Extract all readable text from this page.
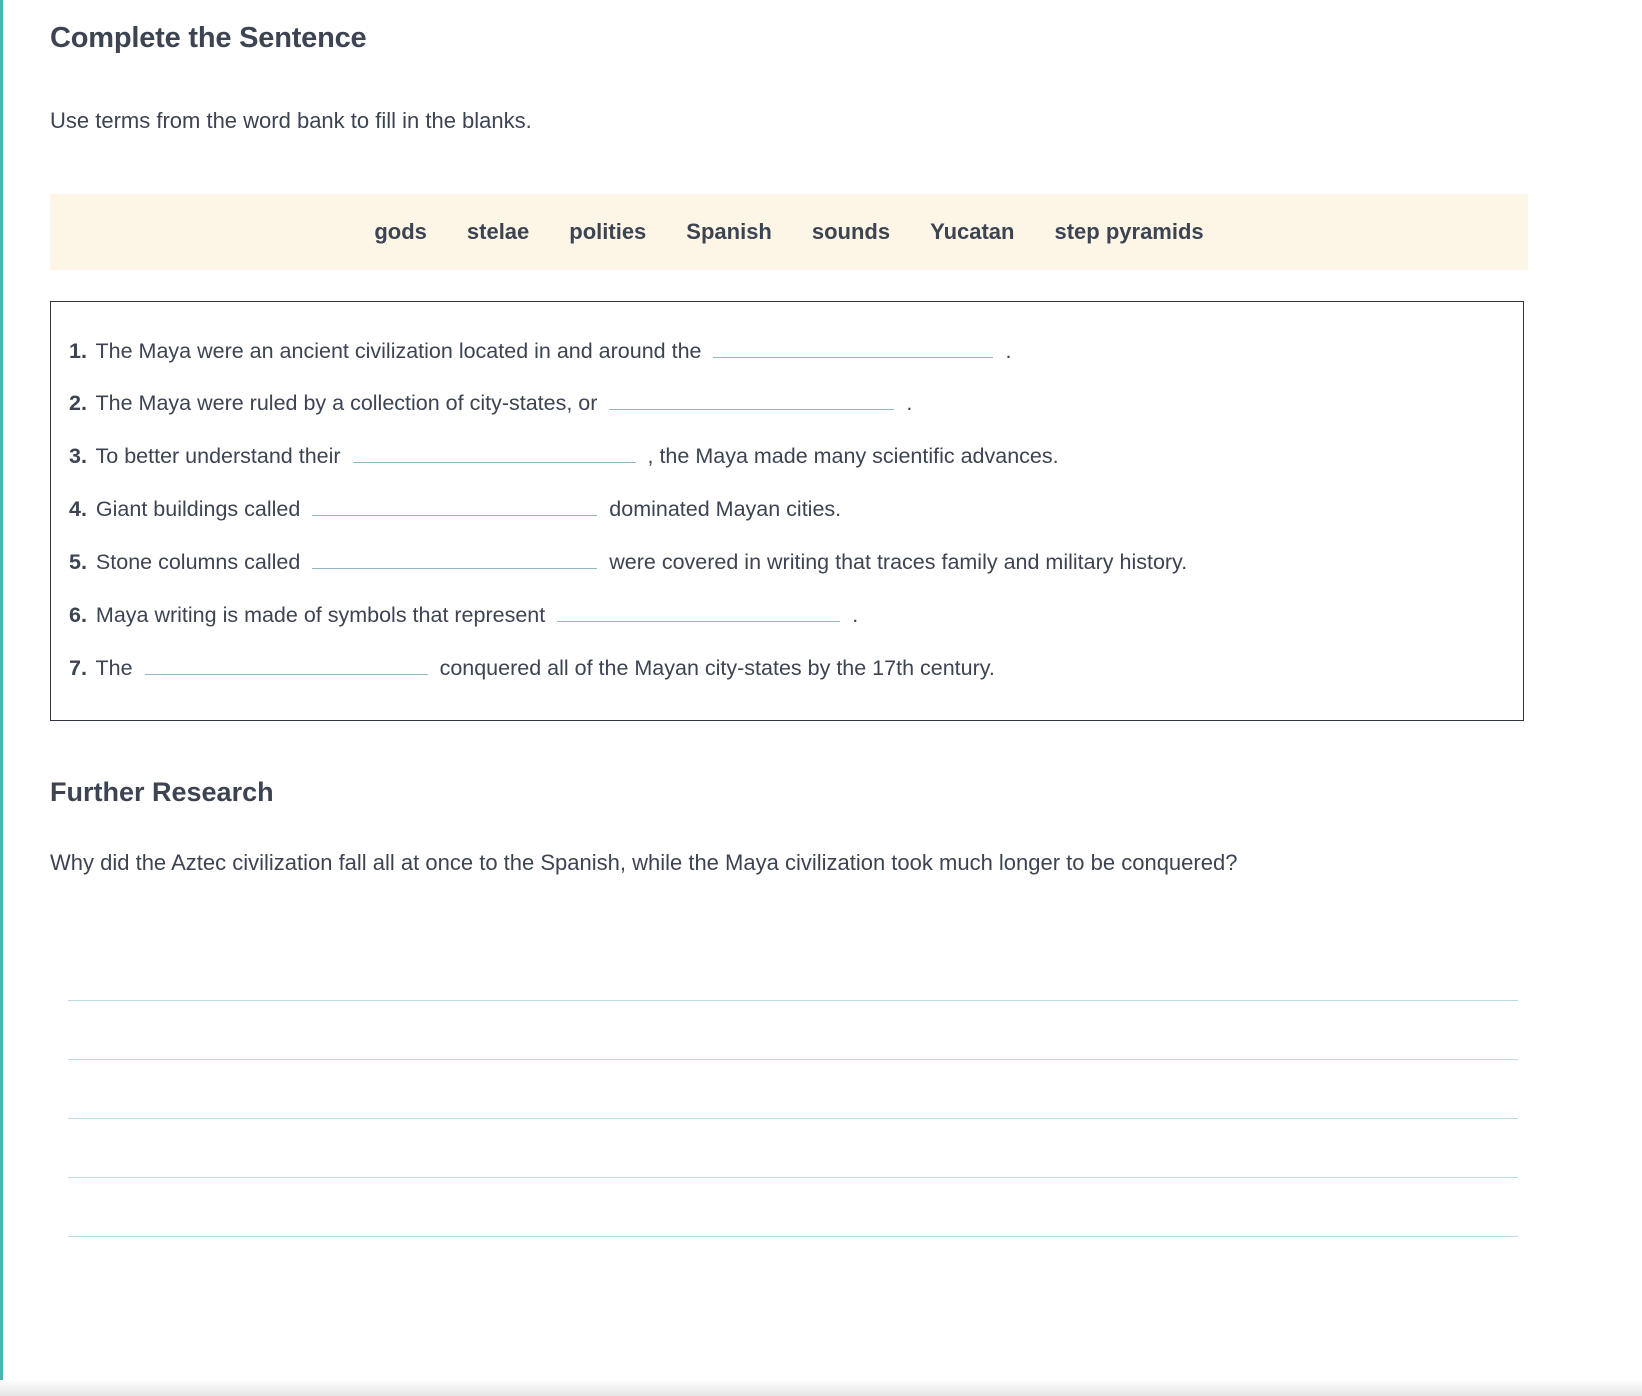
Complete the Sentence

Use terms from the word bank to fill in the blanks.

gods	stelae	polities	Spanish	sounds	Yucatan	step pyramids
1. The Maya were an ancient civilization located in and around the	.
2. The Maya were ruled by a collection of city-states, or	.
3. To better understand their	, the Maya made many scientific advances.
4. Giant buildings called	dominated Mayan cities.
5. Stone columns called	were covered in writing that traces family and military history.
6. Maya writing is made of symbols that represent	.
7. The	conquered all of the Mayan city-states by the 17th century.
Further Research

Why did the Aztec civilization fall all at once to the Spanish, while the Maya civilization took much longer to be conquered?
